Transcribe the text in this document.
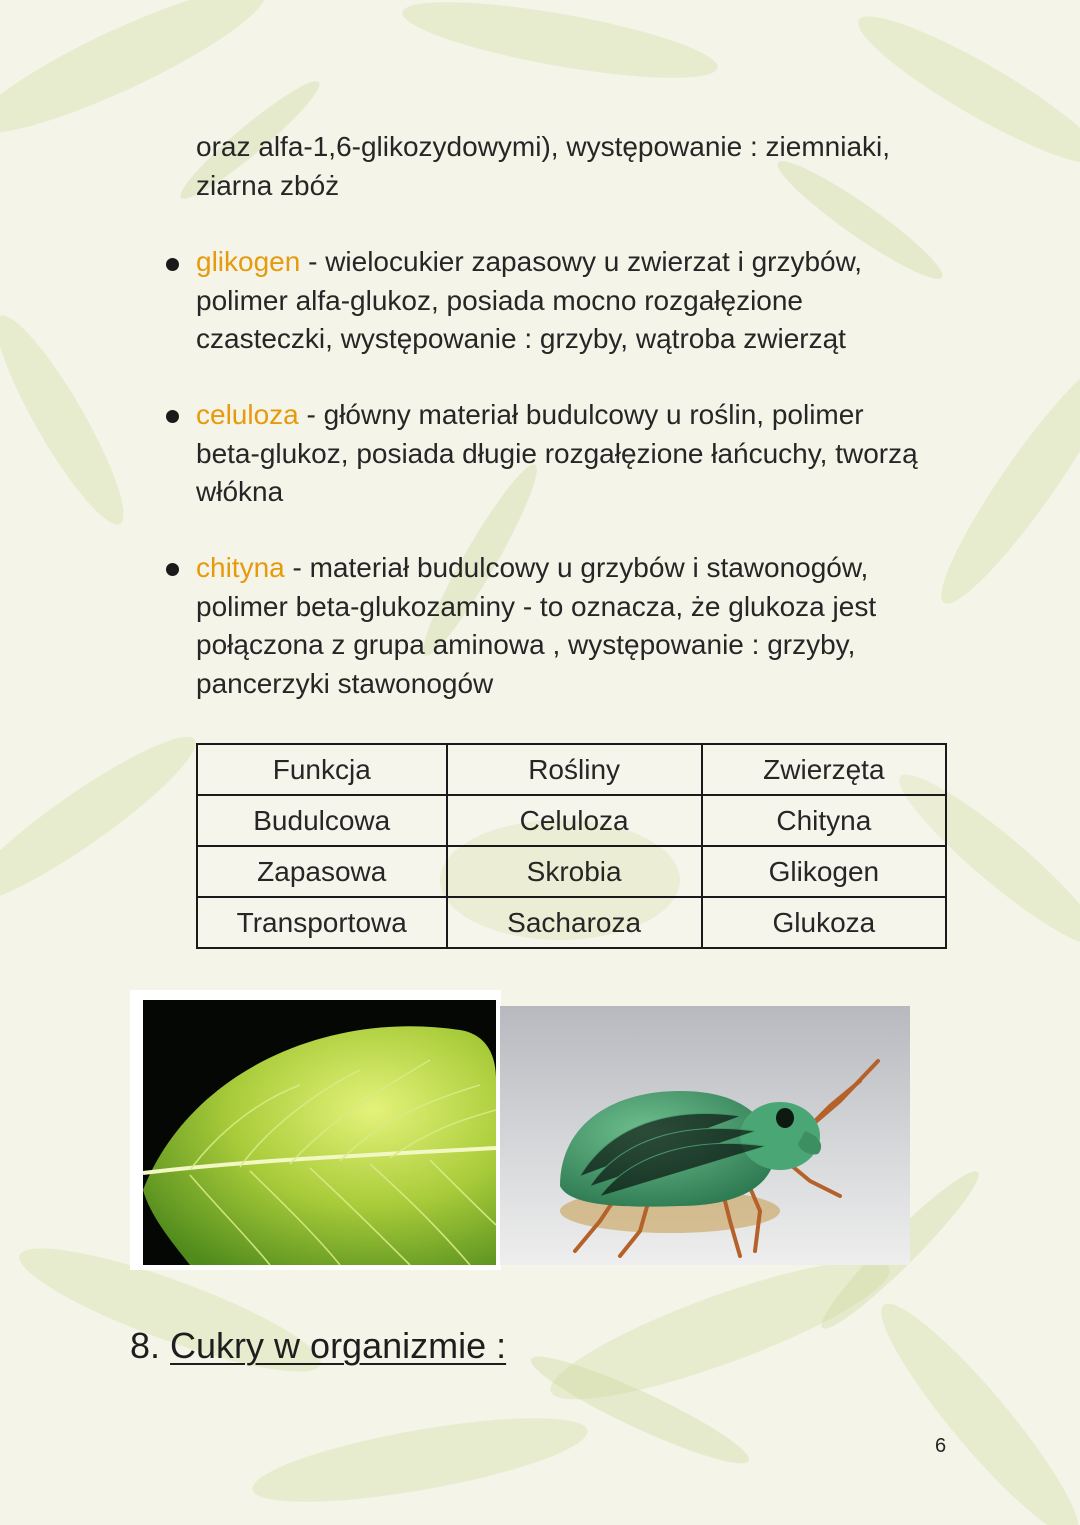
oraz alfa-1,6-glikozydowymi), występowanie : ziemniaki,
ziarna zbóż

glikogen - wielocukier zapasowy u zwierzat i grzybów,
polimer alfa-glukoz, posiada mocno rozgałęzione
czasteczki, występowanie : grzyby, wątroba zwierząt

celuloza - główny materiał budulcowy u roślin, polimer
beta-glukoz, posiada długie rozgałęzione łańcuchy, tworzą
włókna

chityna - materiał budulcowy u grzybów i stawonogów,
polimer beta-glukozaminy - to oznacza, że glukoza jest
połączona z grupa aminowa , występowanie : grzyby,
pancerzyki stawonogów

Funkcja	Rośliny	Zwierzęta
Budulcowa	Celuloza	Chityna
Zapasowa	Skrobia	Glikogen
Transportowa	Sacharoza	Glukoza
8. Cukry w organizmie :
6
